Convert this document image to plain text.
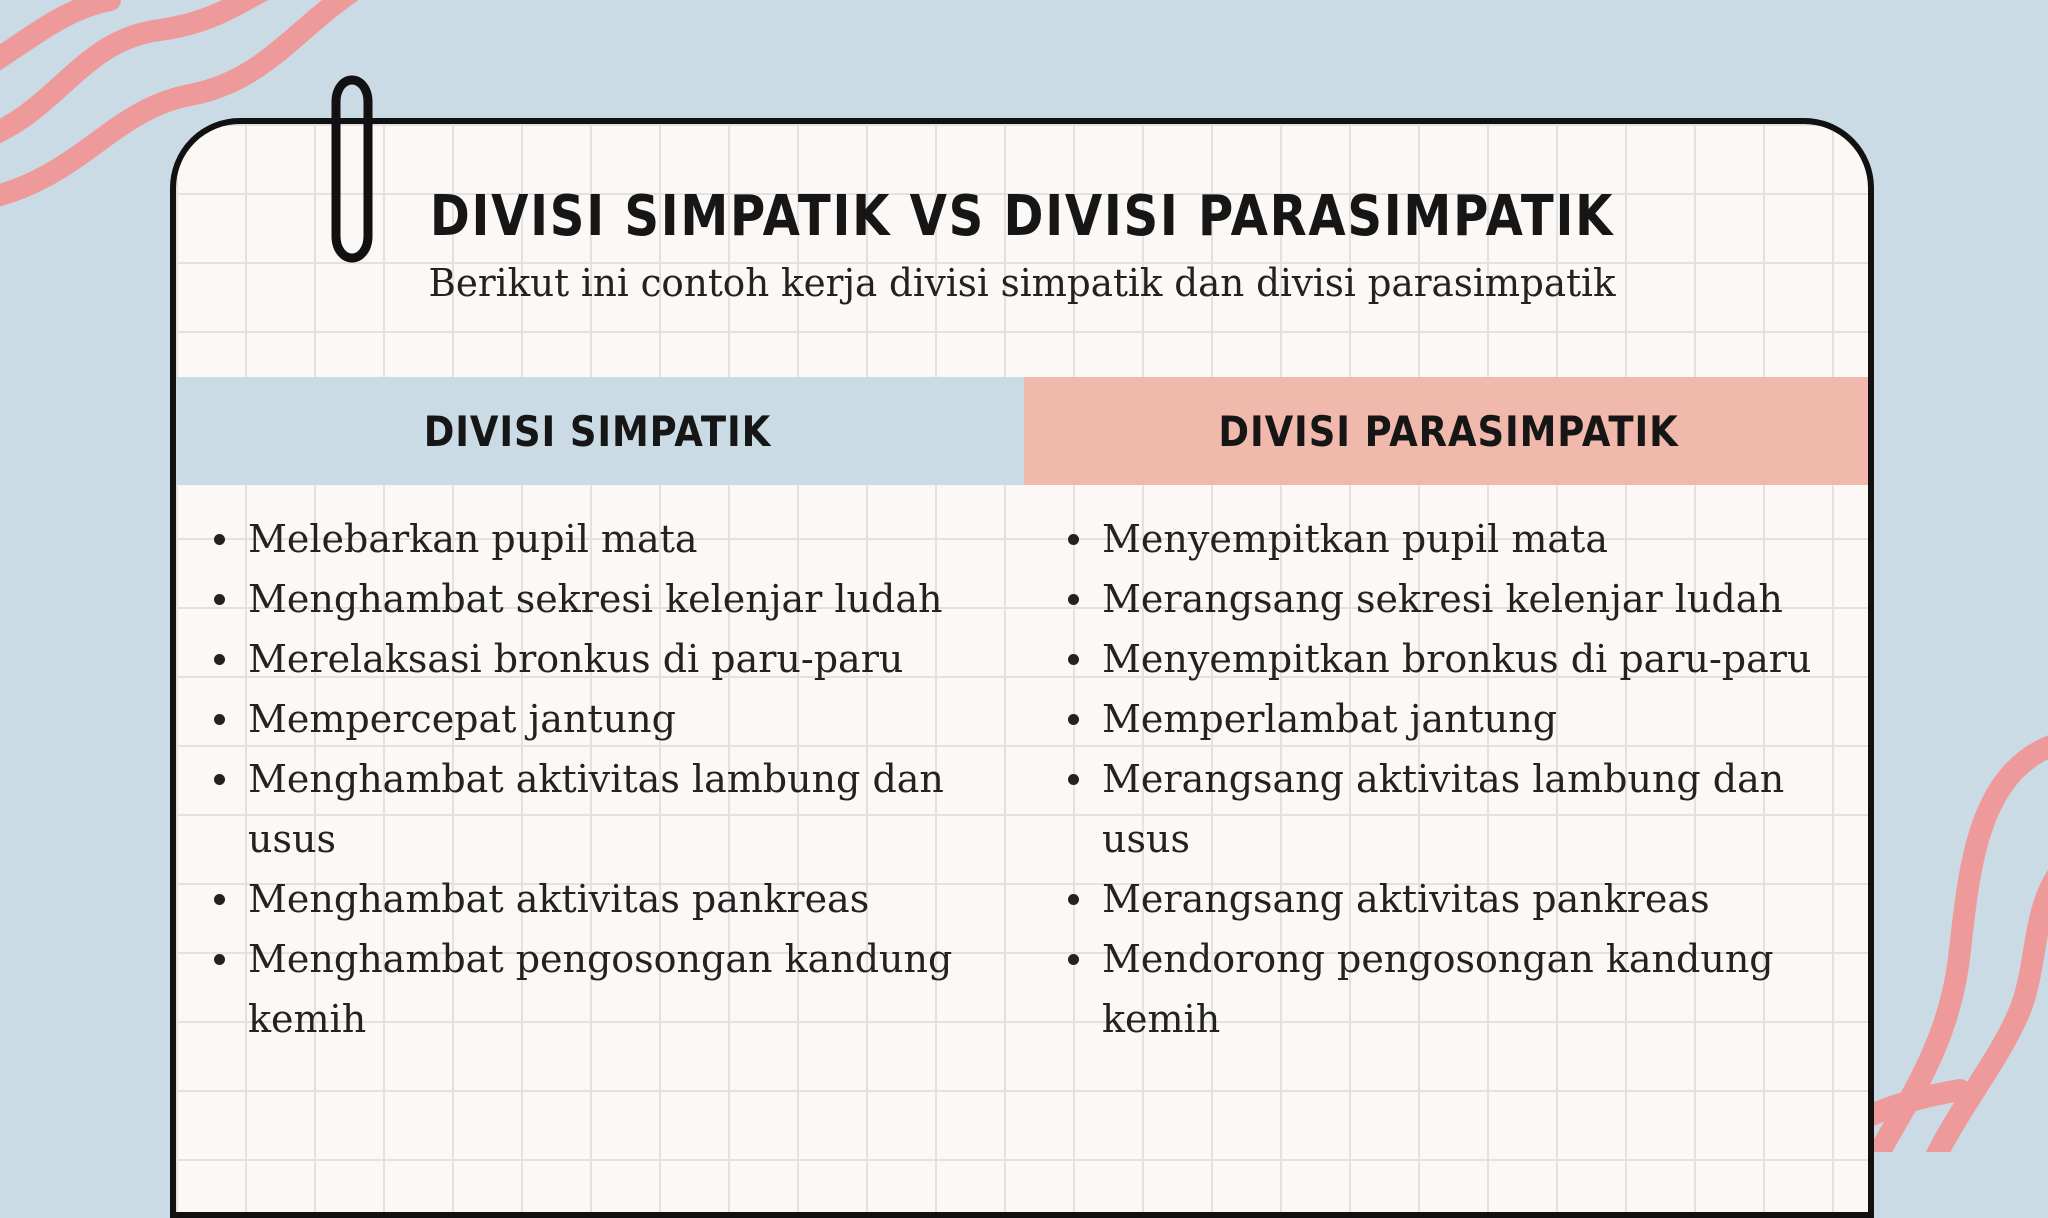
DIVISI SIMPATIK VS DIVISI PARASIMPATIK

Berikut ini contoh kerja divisi simpatik dan divisi parasimpatik

DIVISI SIMPATIK	DIVISI PARASIMPATIK
Melebarkan pupil mata
Menghambat sekresi kelenjar ludah
Merelaksasi bronkus di paru-paru
Mempercepat jantung
Menghambat aktivitas lambung dan usus
Menghambat aktivitas pankreas
Menghambat pengosongan kandung kemih
Menyempitkan pupil mata
Merangsang sekresi kelenjar ludah
Menyempitkan bronkus di paru-paru
Memperlambat jantung
Merangsang aktivitas lambung dan usus
Merangsang aktivitas pankreas
Mendorong pengosongan kandung kemih
